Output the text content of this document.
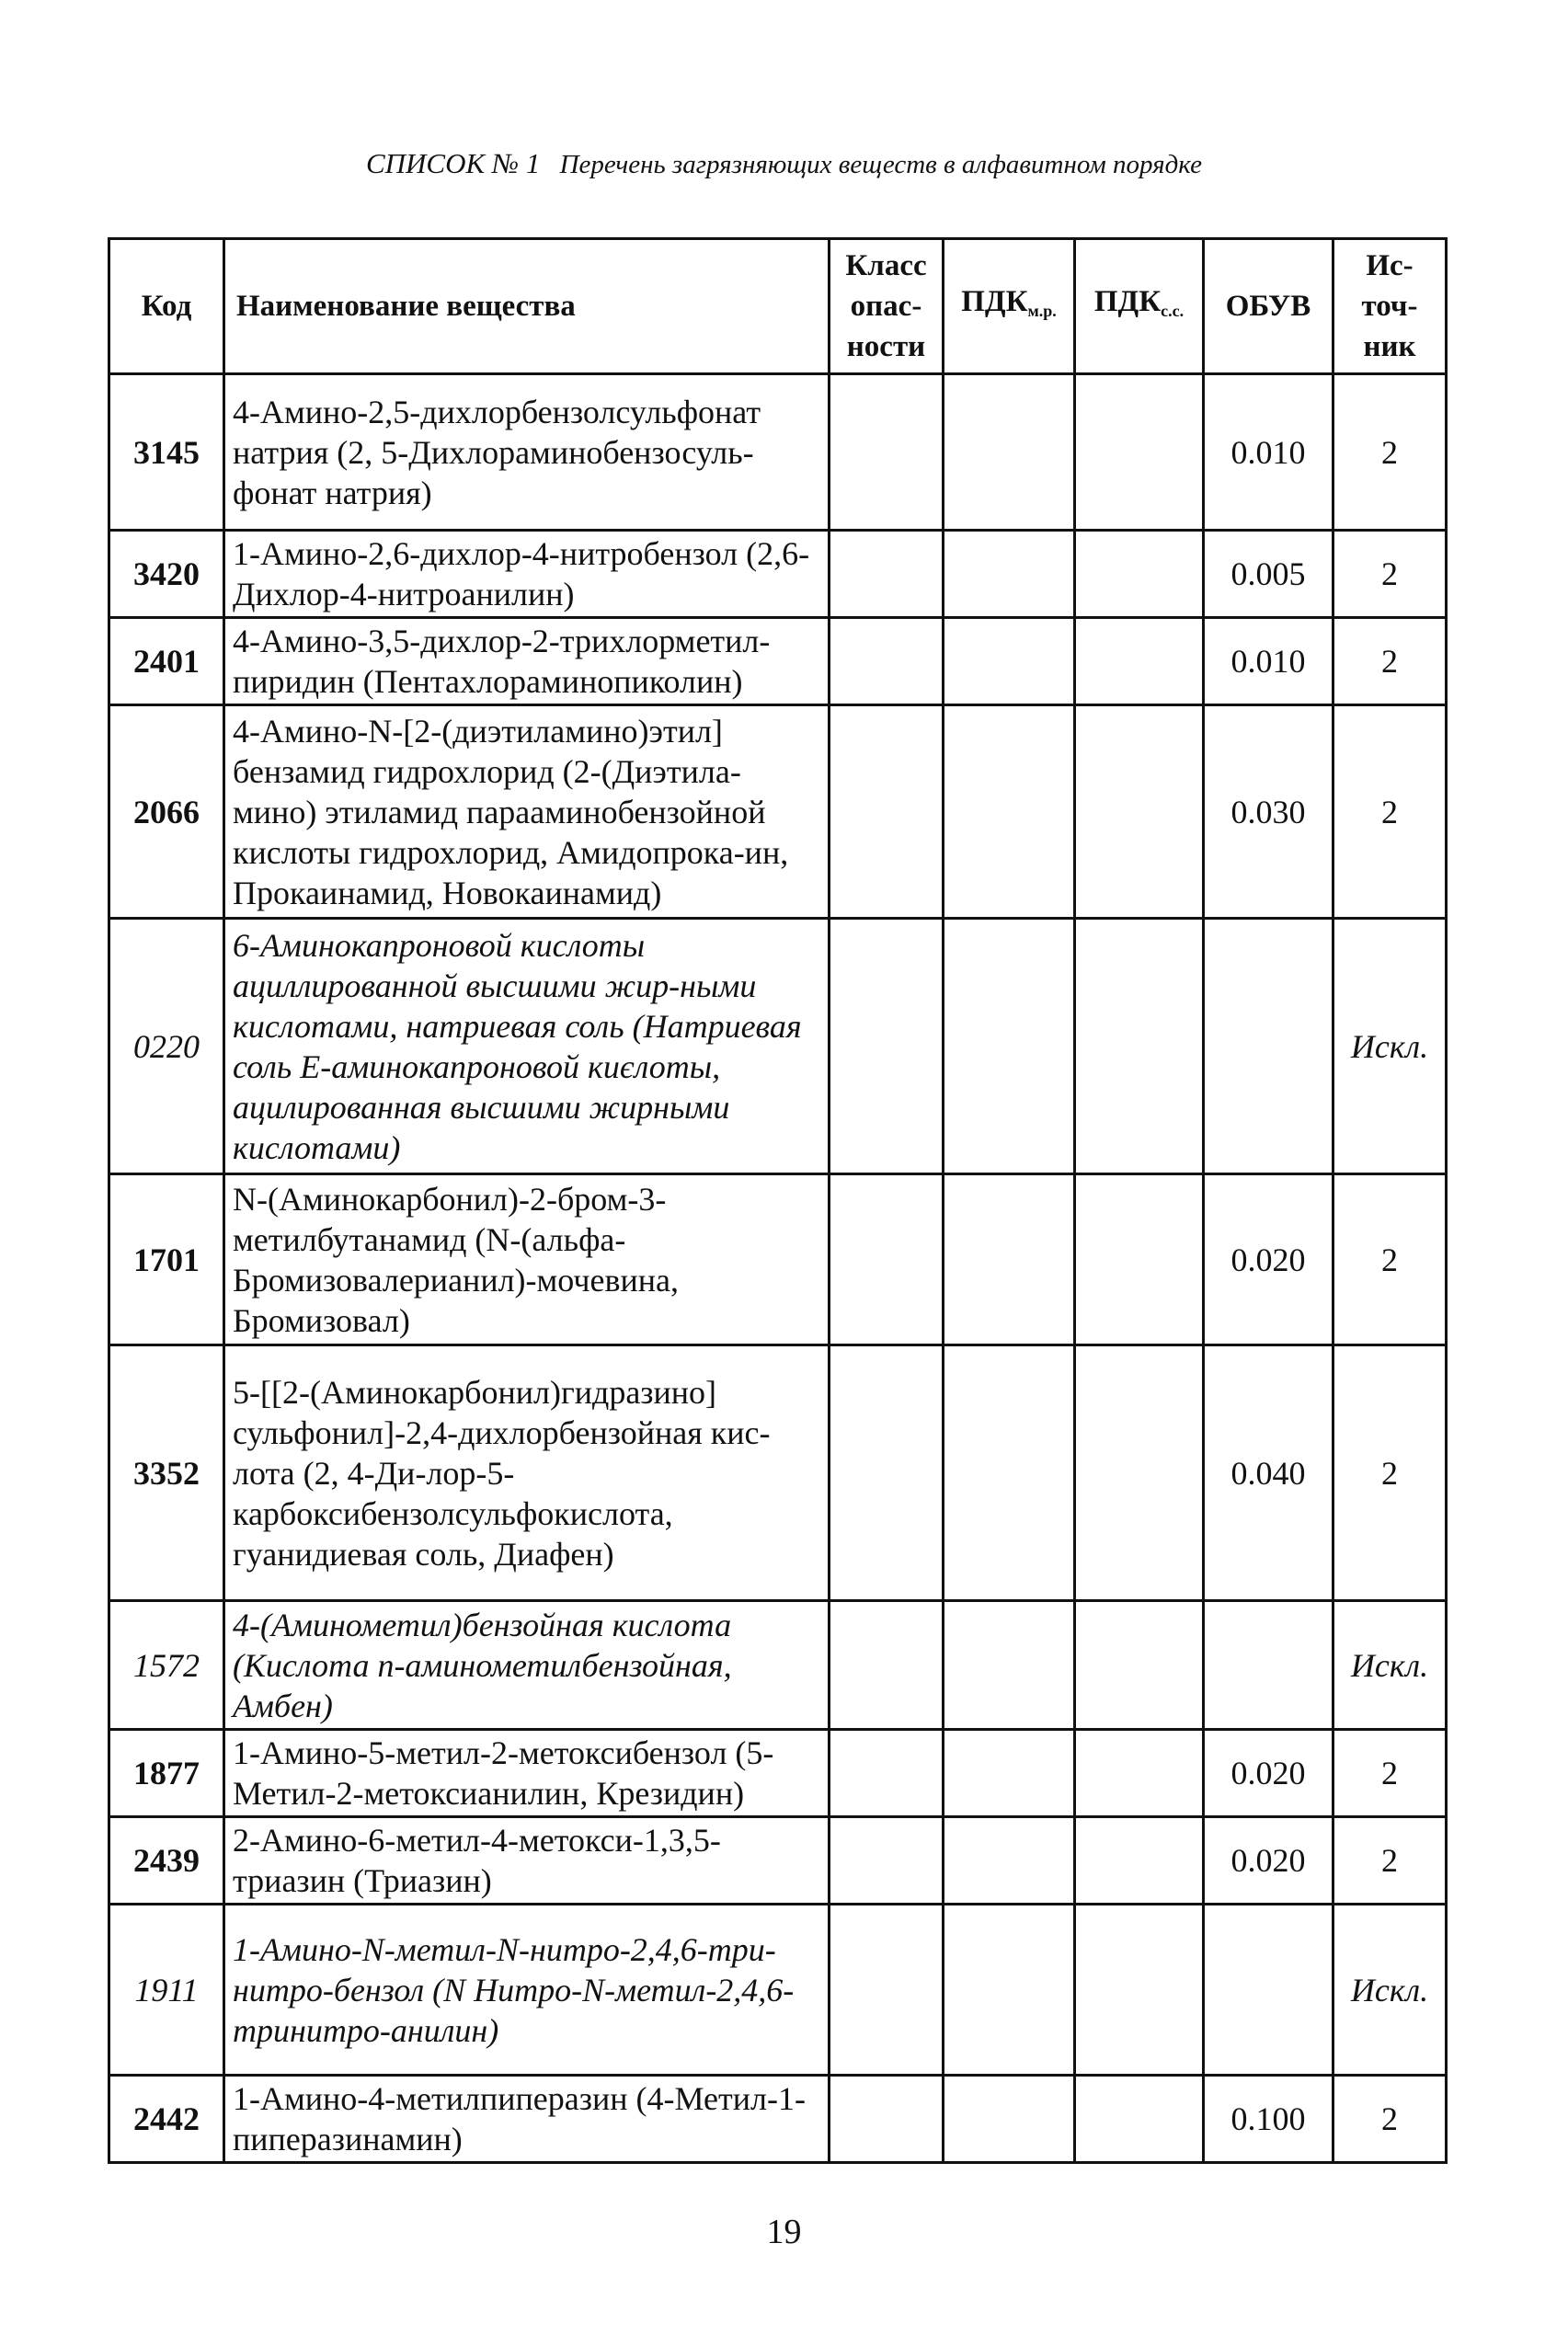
СПИСОК № 1 Перечень загрязняющих веществ в алфавитном порядке
Код	Наименование вещества	Класс опас-ности	$ПДК_{м.р.}$	$ПДК_{с.с.}$	ОБУВ	Ис-точ-ник
3145	4-Амино-2,5-дихлорбензолсульфонат натрия (2, 5-Дихлораминобензосуль-фонат натрия)				0.010	2
3420	1-Амино-2,6-дихлор-4-нитробензол (2,6-Дихлор-4-нитроанилин)				0.005	2
2401	4-Амино-3,5-дихлор-2-трихлорметил-пиридин (Пентахлораминопиколин)				0.010	2
2066	4-Амино-N-[2-(диэтиламино)этил] бензамид гидрохлорид (2-(Диэтила-мино) этиламид парааминобензойной кислоты гидрохлорид, Амидопрока-ин, Прокаинамид, Новокаинамид)				0.030	2
0220	6-Аминокапроновой кислоты ациллированной высшими жир-ными кислотами, натриевая соль (Натриевая соль Е-аминокапроновой києлоты, ацилированная высшими жирными кислотами)					Искл.
1701	N-(Аминокарбонил)-2-бром-3-метилбутанамид (N-(альфа-Бромизовалерианил)-мочевина, Бромизовал)				0.020	2
3352	5-[[2-(Аминокарбонил)гидразино] сульфонил]-2,4-дихлорбензойная кис-лота (2, 4-Ди-лор-5-карбоксибензолсульфокислота, гуанидиевая соль, Диафен)				0.040	2
1572	4-(Аминометил)бензойная кислота (Кислота п-аминометилбензойная, Амбен)					Искл.
1877	1-Амино-5-метил-2-метоксибензол (5-Метил-2-метоксианилин, Крезидин)				0.020	2
2439	2-Амино-6-метил-4-метокси-1,3,5-триазин (Триазин)				0.020	2
1911	1-Амино-N-метил-N-нитро-2,4,6-три-нитро-бензол (N Нитро-N-метил-2,4,6-тринитро-анилин)					Искл.
2442	1-Амино-4-метилпиперазин (4-Метил-1-пиперазинамин)				0.100	2
19
